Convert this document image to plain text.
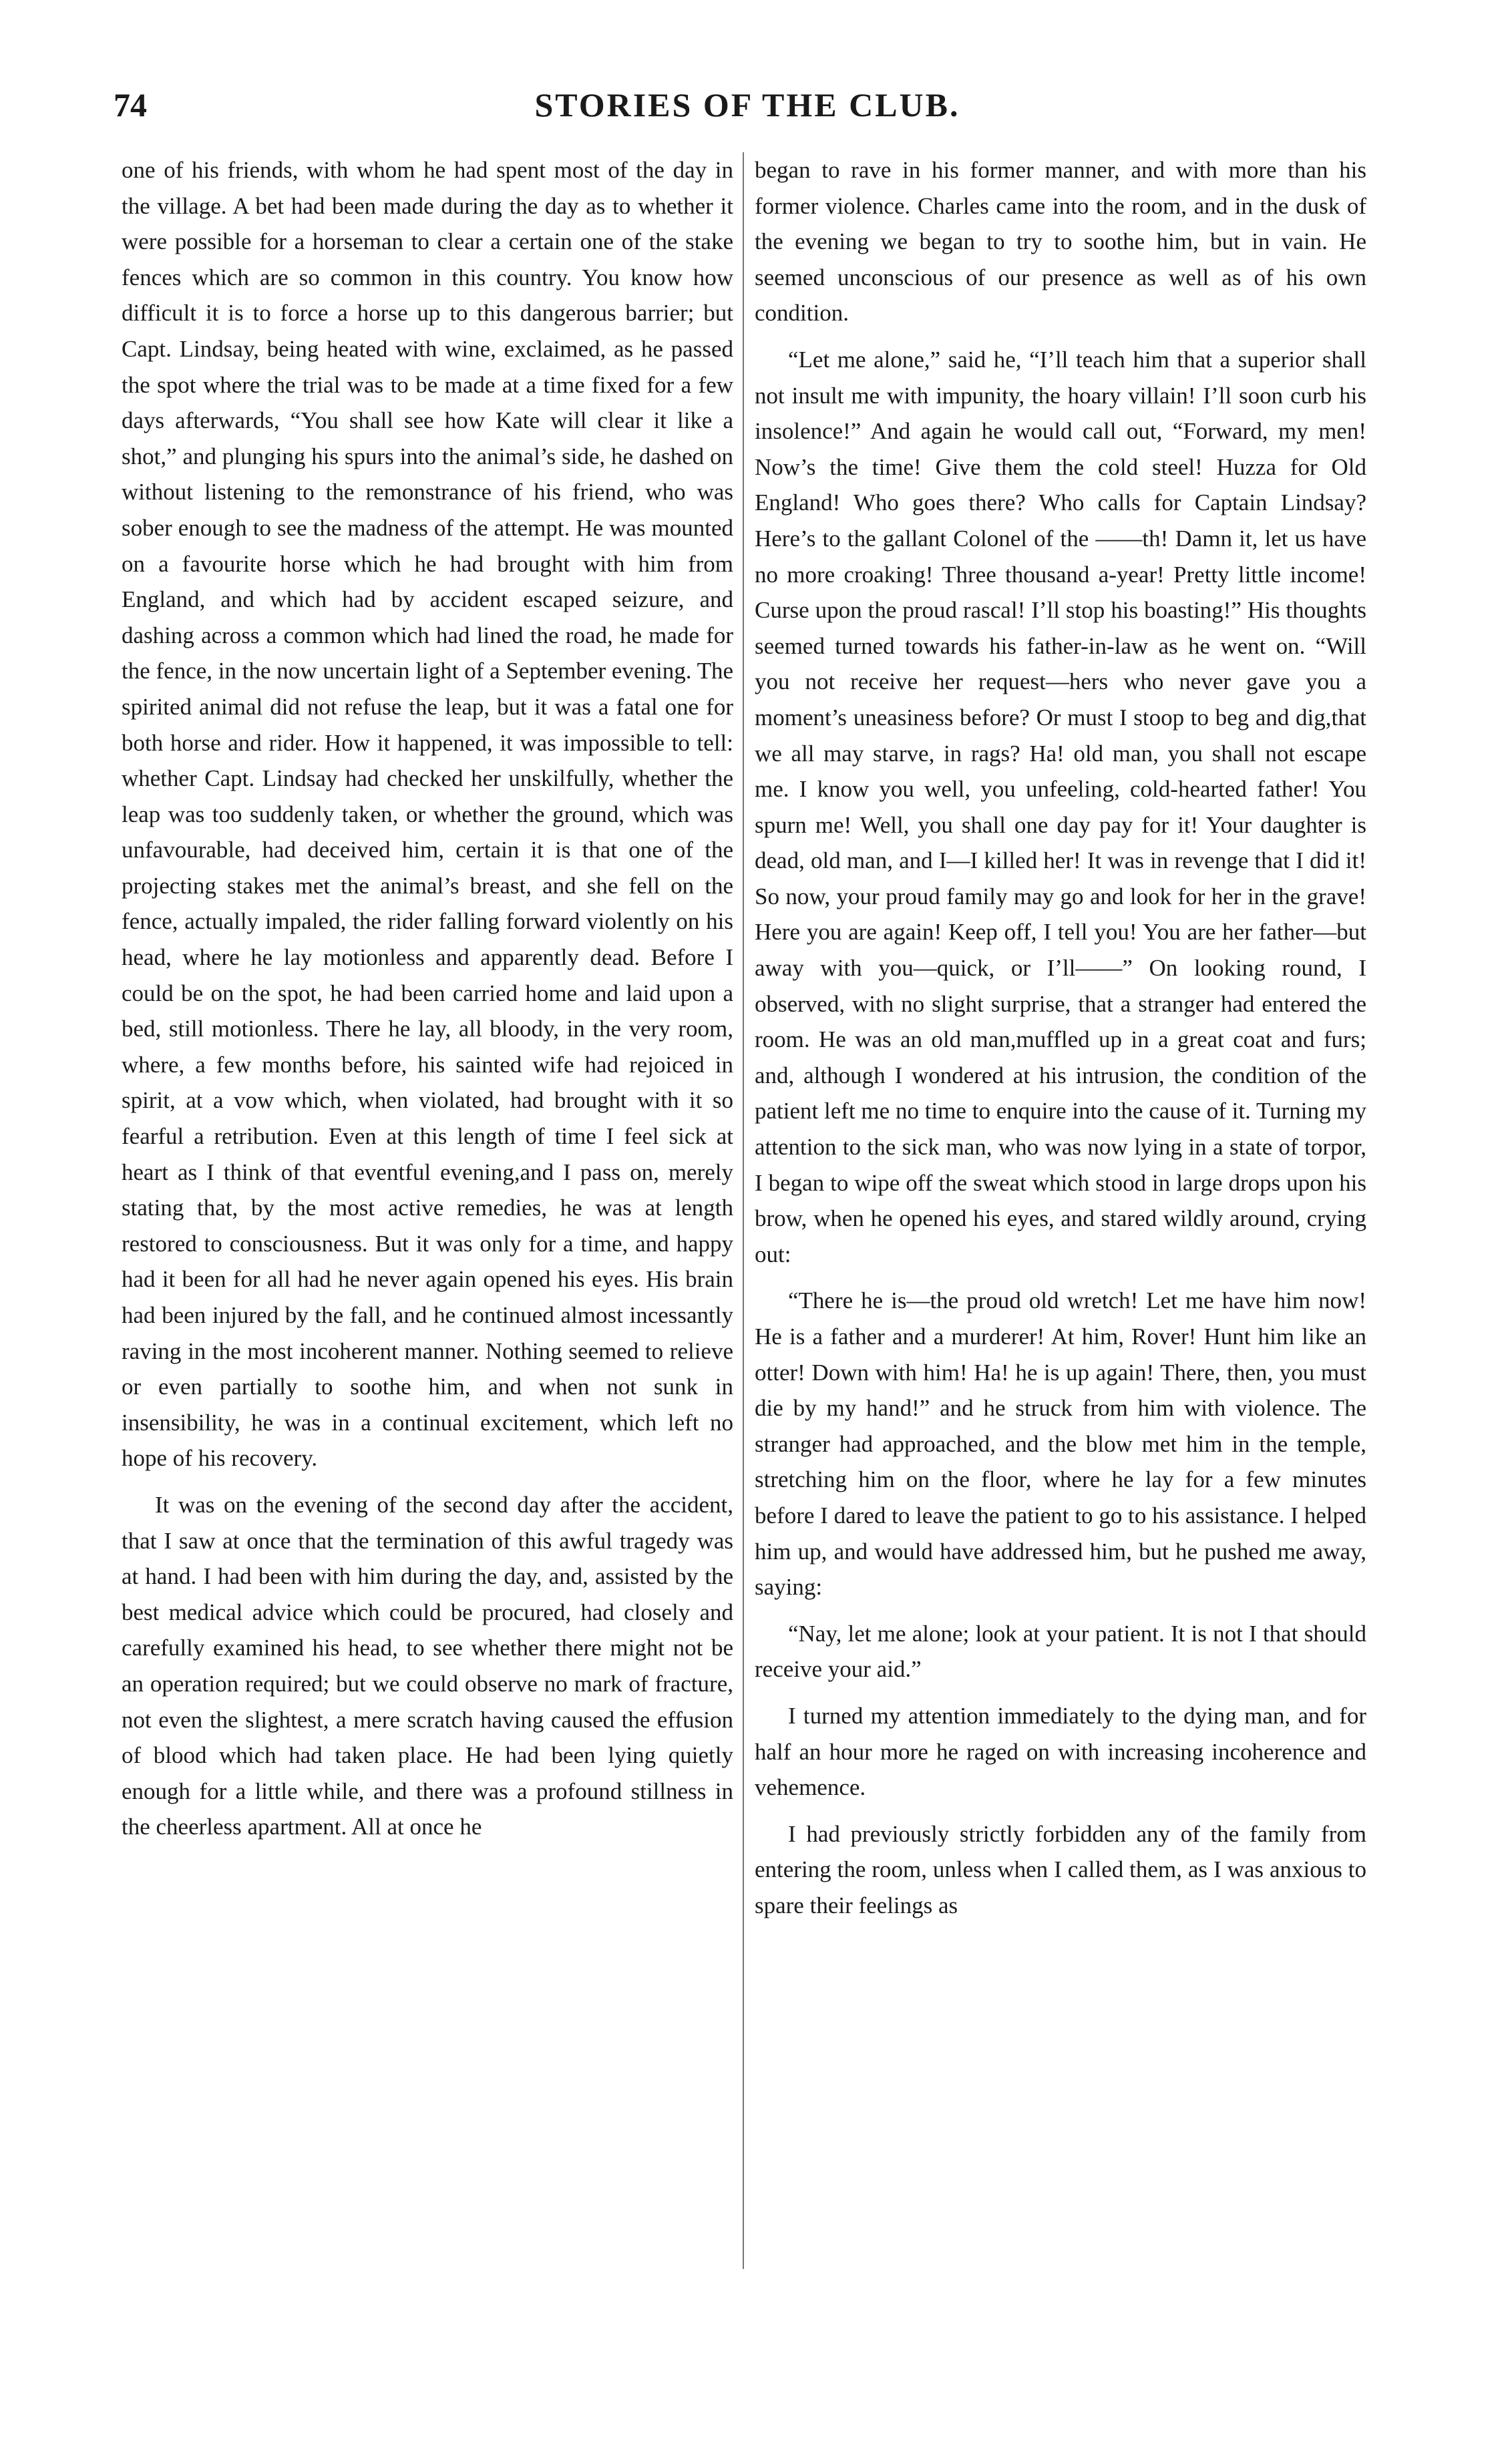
74	STORIES OF THE CLUB.

one of his friends, with whom he had spent most of the day in the village. A bet had been made during the day as to whether it were possible for a horseman to clear a certain one of the stake fences which are so common in this country. You know how difficult it is to force a horse up to this dangerous barrier; but Capt. Lindsay, being heated with wine, exclaimed, as he passed the spot where the trial was to be made at a time fixed for a few days afterwards, “You shall see how Kate will clear it like a shot,” and plunging his spurs into the animal’s side, he dashed on without listening to the remonstrance of his friend, who was sober enough to see the madness of the attempt. He was mounted on a favourite horse which he had brought with him from England, and which had by accident escaped seizure, and dashing across a common which had lined the road, he made for the fence, in the now uncertain light of a September evening. The spirited animal did not refuse the leap, but it was a fatal one for both horse and rider. How it happened, it was impossible to tell: whether Capt. Lindsay had checked her unskilfully, whether the leap was too suddenly taken, or whether the ground, which was unfavourable, had deceived him, certain it is that one of the projecting stakes met the animal’s breast, and she fell on the fence, actually impaled, the rider falling forward violently on his head, where he lay motionless and apparently dead. Before I could be on the spot, he had been carried home and laid upon a bed, still motionless. There he lay, all bloody, in the very room, where, a few months before, his sainted wife had rejoiced in spirit, at a vow which, when violated, had brought with it so fearful a retribution. Even at this length of time I feel sick at heart as I think of that eventful evening,and I pass on, merely stating that, by the most active remedies, he was at length restored to consciousness. But it was only for a time, and happy had it been for all had he never again opened his eyes. His brain had been injured by the fall, and he continued almost incessantly raving in the most incoherent manner. Nothing seemed to relieve or even partially to soothe him, and when not sunk in insensibility, he was in a continual excitement, which left no hope of his recovery.

It was on the evening of the second day after the accident, that I saw at once that the termination of this awful tragedy was at hand. I had been with him during the day, and, assisted by the best medical advice which could be procured, had closely and carefully examined his head, to see whether there might not be an operation required; but we could observe no mark of fracture, not even the slightest, a mere scratch having caused the effusion of blood which had taken place. He had been lying quietly enough for a little while, and there was a profound stillness in the cheerless apartment. All at once he

began to rave in his former manner, and with more than his former violence. Charles came into the room, and in the dusk of the evening we began to try to soothe him, but in vain. He seemed unconscious of our presence as well as of his own condition.

“Let me alone,” said he, “I’ll teach him that a superior shall not insult me with impunity, the hoary villain! I’ll soon curb his insolence!” And again he would call out, “Forward, my men! Now’s the time! Give them the cold steel! Huzza for Old England! Who goes there? Who calls for Captain Lindsay? Here’s to the gallant Colonel of the ——th! Damn it, let us have no more croaking! Three thousand a-year! Pretty little income! Curse upon the proud rascal! I’ll stop his boasting!” His thoughts seemed turned towards his father-in-law as he went on. “Will you not receive her request—hers who never gave you a moment’s uneasiness before? Or must I stoop to beg and dig,that we all may starve, in rags? Ha! old man, you shall not escape me. I know you well, you unfeeling, cold-hearted father! You spurn me! Well, you shall one day pay for it! Your daughter is dead, old man, and I—I killed her! It was in revenge that I did it! So now, your proud family may go and look for her in the grave! Here you are again! Keep off, I tell you! You are her father—but away with you—quick, or I’ll——” On looking round, I observed, with no slight surprise, that a stranger had entered the room. He was an old man,muffled up in a great coat and furs; and, although I wondered at his intrusion, the condition of the patient left me no time to enquire into the cause of it. Turning my attention to the sick man, who was now lying in a state of torpor, I began to wipe off the sweat which stood in large drops upon his brow, when he opened his eyes, and stared wildly around, crying out:

“There he is—the proud old wretch! Let me have him now! He is a father and a murderer! At him, Rover! Hunt him like an otter! Down with him! Ha! he is up again! There, then, you must die by my hand!” and he struck from him with violence. The stranger had approached, and the blow met him in the temple, stretching him on the floor, where he lay for a few minutes before I dared to leave the patient to go to his assistance. I helped him up, and would have addressed him, but he pushed me away, saying:

“Nay, let me alone; look at your patient. It is not I that should receive your aid.”

I turned my attention immediately to the dying man, and for half an hour more he raged on with increasing incoherence and vehemence.

I had previously strictly forbidden any of the family from entering the room, unless when I called them, as I was anxious to spare their feelings as
